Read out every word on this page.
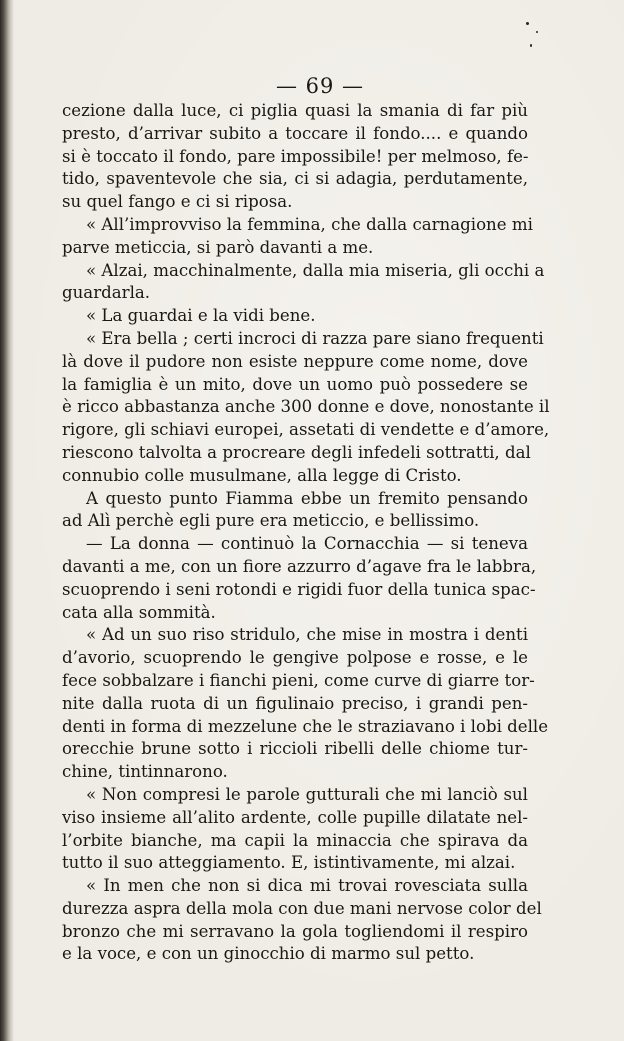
— 69 —
cezione dalla luce, ci piglia quasi la smania di far più
presto, d’arrivar subito a toccare il fondo.... e quando
si è toccato il fondo, pare impossibile! per melmoso, fe-
tido, spaventevole che sia, ci si adagia, perdutamente,
su quel fango e ci si riposa.
« All’improvviso la femmina, che dalla carnagione mi
parve meticcia, si parò davanti a me.
« Alzai, macchinalmente, dalla mia miseria, gli occhi a
guardarla.
« La guardai e la vidi bene.
« Era bella ; certi incroci di razza pare siano frequenti
là dove il pudore non esiste neppure come nome, dove
la famiglia è un mito, dove un uomo può possedere se
è ricco abbastanza anche 300 donne e dove, nonostante il
rigore, gli schiavi europei, assetati di vendette e d’amore,
riescono talvolta a procreare degli infedeli sottratti, dal
connubio colle musulmane, alla legge di Cristo.
A questo punto Fiamma ebbe un fremito pensando
ad Alì perchè egli pure era meticcio, e bellissimo.
— La donna — continuò la Cornacchia — si teneva
davanti a me, con un fiore azzurro d’agave fra le labbra,
scuoprendo i seni rotondi e rigidi fuor della tunica spac-
cata alla sommità.
« Ad un suo riso stridulo, che mise in mostra i denti
d’avorio, scuoprendo le gengive polpose e rosse, e le
fece sobbalzare i fianchi pieni, come curve di giarre tor-
nite dalla ruota di un figulinaio preciso, i grandi pen-
denti in forma di mezzelune che le straziavano i lobi delle
orecchie brune sotto i riccioli ribelli delle chiome tur-
chine, tintinnarono.
« Non compresi le parole gutturali che mi lanciò sul
viso insieme all’alito ardente, colle pupille dilatate nel-
l’orbite bianche, ma capii la minaccia che spirava da
tutto il suo atteggiamento. E, istintivamente, mi alzai.
« In men che non si dica mi trovai rovesciata sulla
durezza aspra della mola con due mani nervose color del
bronzo che mi serravano la gola togliendomi il respiro
e la voce, e con un ginocchio di marmo sul petto.
